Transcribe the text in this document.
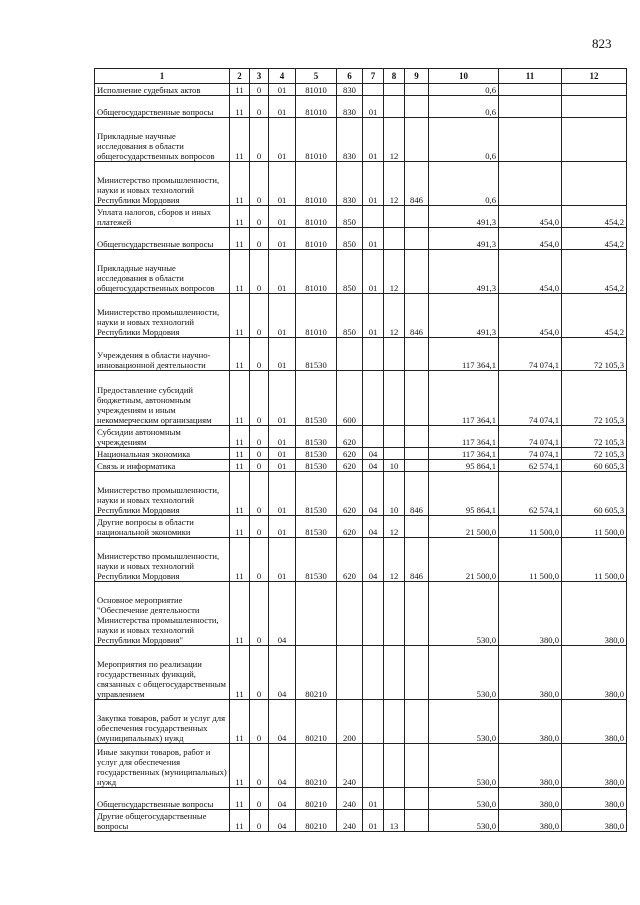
823
1	2	3	4	5	6	7	8	9	10	11	12
Исполнение судебных актов	11	0	01	81010	830				0,6		
Общегосударственные вопросы	11	0	01	81010	830	01			0,6		
Прикладные научные исследования в области общегосударственных вопросов	11	0	01	81010	830	01	12		0,6		
Министерство промышленности, науки и новых технологий Республики Мордовия	11	0	01	81010	830	01	12	846	0,6		
Уплата налогов, сборов и иных платежей	11	0	01	81010	850				491,3	454,0	454,2
Общегосударственные вопросы	11	0	01	81010	850	01			491,3	454,0	454,2
Прикладные научные исследования в области общегосударственных вопросов	11	0	01	81010	850	01	12		491,3	454,0	454,2
Министерство промышленности, науки и новых технологий Республики Мордовия	11	0	01	81010	850	01	12	846	491,3	454,0	454,2
Учреждения в области научно-инновационной деятельности	11	0	01	81530					117 364,1	74 074,1	72 105,3
Предоставление субсидий бюджетным, автономным учреждениям и иным некоммерческим организациям	11	0	01	81530	600				117 364,1	74 074,1	72 105,3
Субсидии автономным учреждениям	11	0	01	81530	620				117 364,1	74 074,1	72 105,3
Национальная экономика	11	0	01	81530	620	04			117 364,1	74 074,1	72 105,3
Связь и информатика	11	0	01	81530	620	04	10		95 864,1	62 574,1	60 605,3
Министерство промышленности, науки и новых технологий Республики Мордовия	11	0	01	81530	620	04	10	846	95 864,1	62 574,1	60 605,3
Другие вопросы в области национальной экономики	11	0	01	81530	620	04	12		21 500,0	11 500,0	11 500,0
Министерство промышленности, науки и новых технологий Республики Мордовия	11	0	01	81530	620	04	12	846	21 500,0	11 500,0	11 500,0
Основное мероприятие "Обеспечение деятельности Министерства промышленности, науки и новых технологий Республики Мордовия"	11	0	04						530,0	380,0	380,0
Мероприятия по реализации государственных функций, связанных с общегосударственным управлением	11	0	04	80210					530,0	380,0	380,0
Закупка товаров, работ и услуг для обеспечения государственных (муниципальных) нужд	11	0	04	80210	200				530,0	380,0	380,0
Иные закупки товаров, работ и услуг для обеспечения государственных (муниципальных) нужд	11	0	04	80210	240				530,0	380,0	380,0
Общегосударственные вопросы	11	0	04	80210	240	01			530,0	380,0	380,0
Другие общегосударственные вопросы	11	0	04	80210	240	01	13		530,0	380,0	380,0
